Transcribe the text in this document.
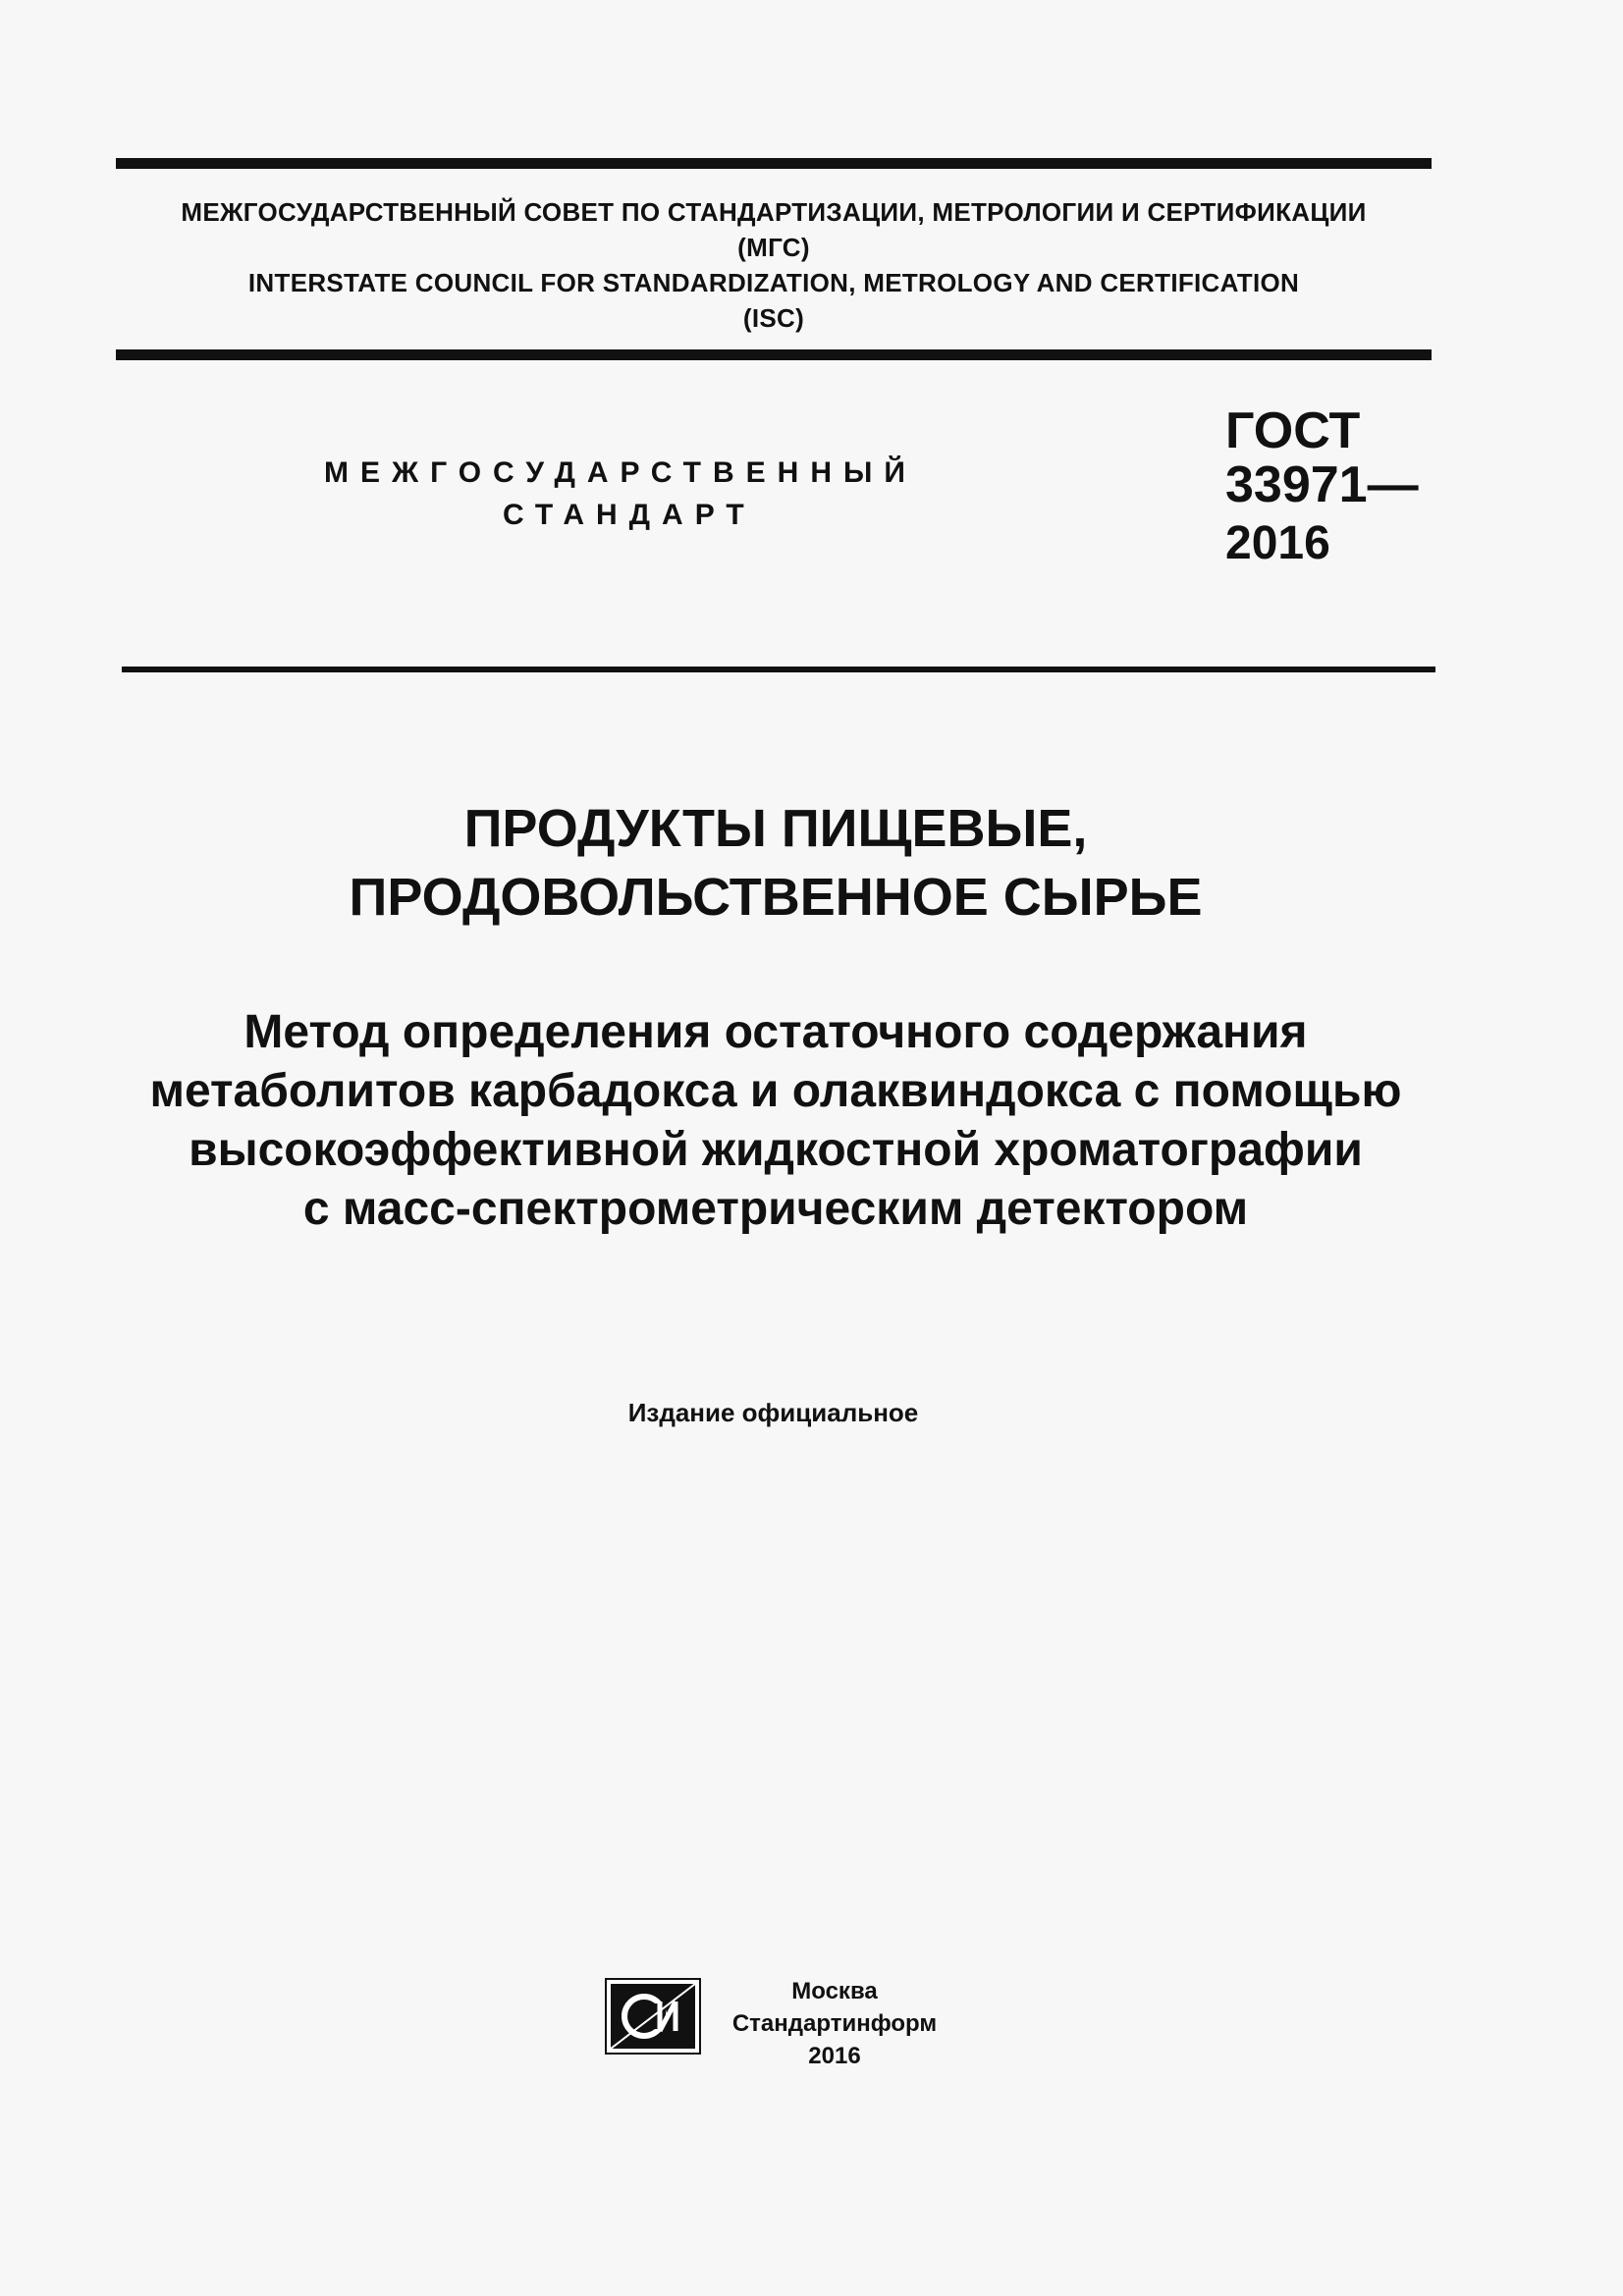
МЕЖГОСУДАРСТВЕННЫЙ СОВЕТ ПО СТАНДАРТИЗАЦИИ, МЕТРОЛОГИИ И СЕРТИФИКАЦИИ
(МГС)
INTERSTATE COUNCIL FOR STANDARDIZATION, METROLOGY AND CERTIFICATION
(ISC)
МЕЖГОСУДАРСТВЕННЫЙ
СТАНДАРТ
ГОСТ
33971—
2016
ПРОДУКТЫ ПИЩЕВЫЕ,
ПРОДОВОЛЬСТВЕННОЕ СЫРЬЕ
Метод определения остаточного содержания
метаболитов карбадокса и олаквиндокса с помощью
высокоэффективной жидкостной хроматографии
с масс-спектрометрическим детектором
Издание официальное
Москва
Стандартинформ
2016
